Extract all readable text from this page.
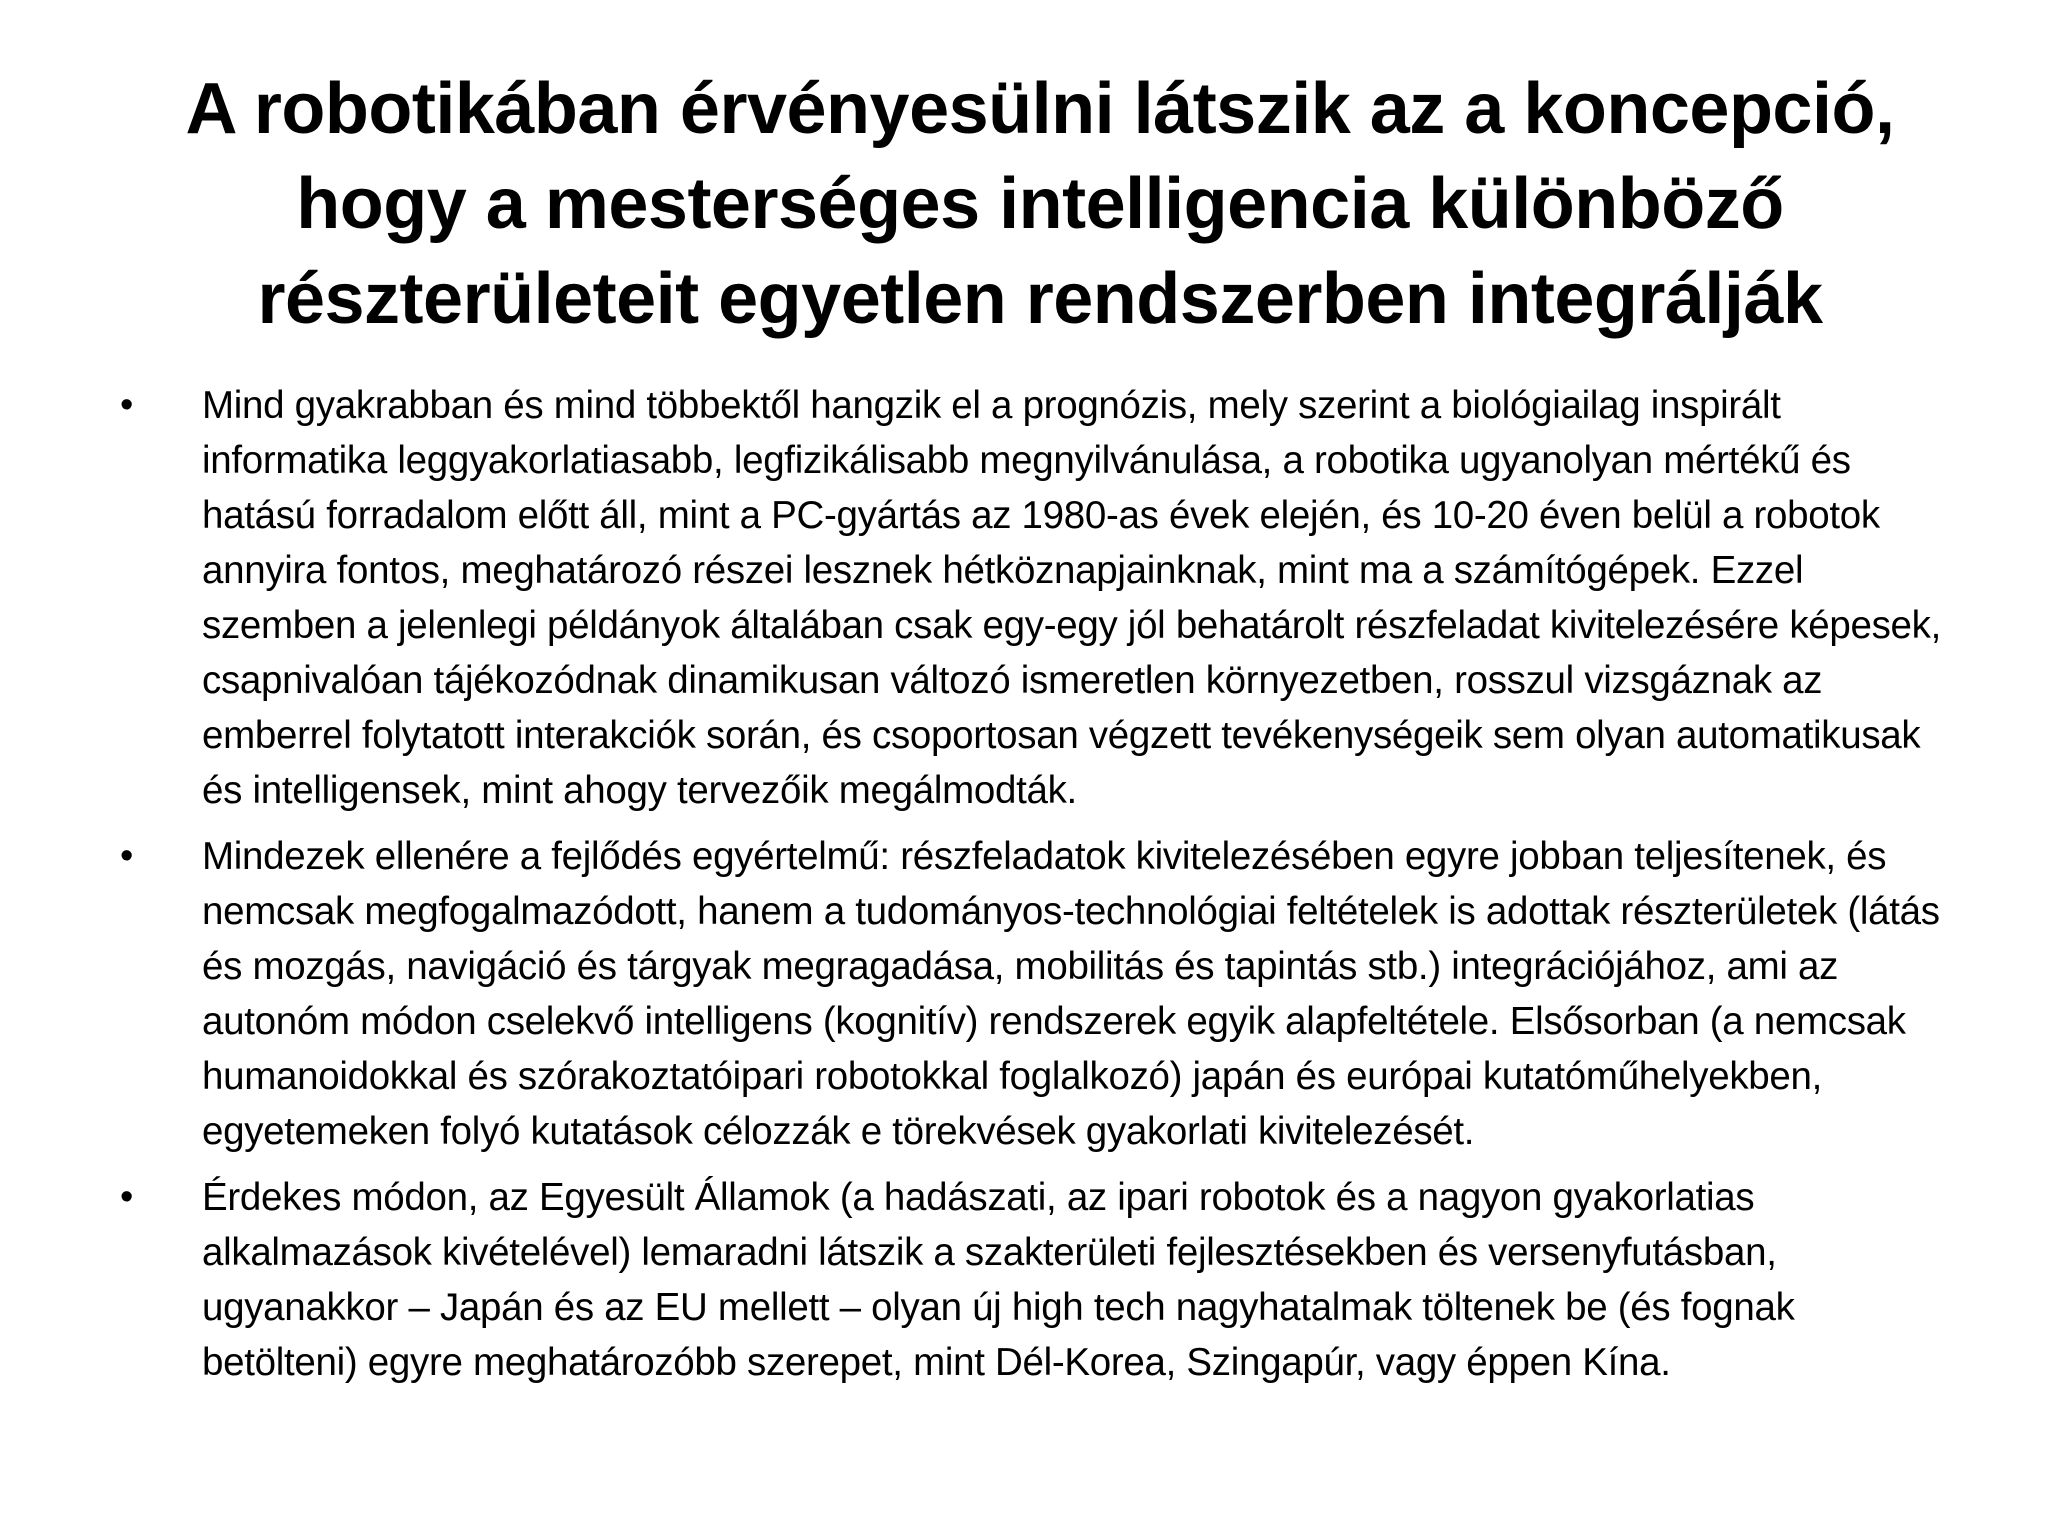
A robotikában érvényesülni látszik az a koncepció, hogy a mesterséges intelligencia különböző részterületeit egyetlen rendszerben integrálják
• Mind gyakrabban és mind többektől hangzik el a prognózis, mely szerint a biológiailag inspirált informatika leggyakorlatiasabb, legfizikálisabb megnyilvánulása, a robotika ugyanolyan mértékű és hatású forradalom előtt áll, mint a PC-gyártás az 1980-as évek elején, és 10-20 éven belül a robotok annyira fontos, meghatározó részei lesznek hétköznapjainknak, mint ma a számítógépek. Ezzel szemben a jelenlegi példányok általában csak egy-egy jól behatárolt részfeladat kivitelezésére képesek, csapnivalóan tájékozódnak dinamikusan változó ismeretlen környezetben, rosszul vizsgáznak az emberrel folytatott interakciók során, és csoportosan végzett tevékenységeik sem olyan automatikusak és intelligensek, mint ahogy tervezőik megálmodták.
• Mindezek ellenére a fejlődés egyértelmű: részfeladatok kivitelezésében egyre jobban teljesítenek, és nemcsak megfogalmazódott, hanem a tudományos-technológiai feltételek is adottak részterületek (látás és mozgás, navigáció és tárgyak megragadása, mobilitás és tapintás stb.) integrációjához, ami az autonóm módon cselekvő intelligens (kognitív) rendszerek egyik alapfeltétele. Elsősorban (a nemcsak humanoidokkal és szórakoztatóipari robotokkal foglalkozó) japán és európai kutatóműhelyekben, egyetemeken folyó kutatások célozzák e törekvések gyakorlati kivitelezését.
• Érdekes módon, az Egyesült Államok (a hadászati, az ipari robotok és a nagyon gyakorlatias alkalmazások kivételével) lemaradni látszik a szakterületi fejlesztésekben és versenyfutásban, ugyanakkor – Japán és az EU mellett – olyan új high tech nagyhatalmak töltenek be (és fognak betölteni) egyre meghatározóbb szerepet, mint Dél-Korea, Szingapúr, vagy éppen Kína.
